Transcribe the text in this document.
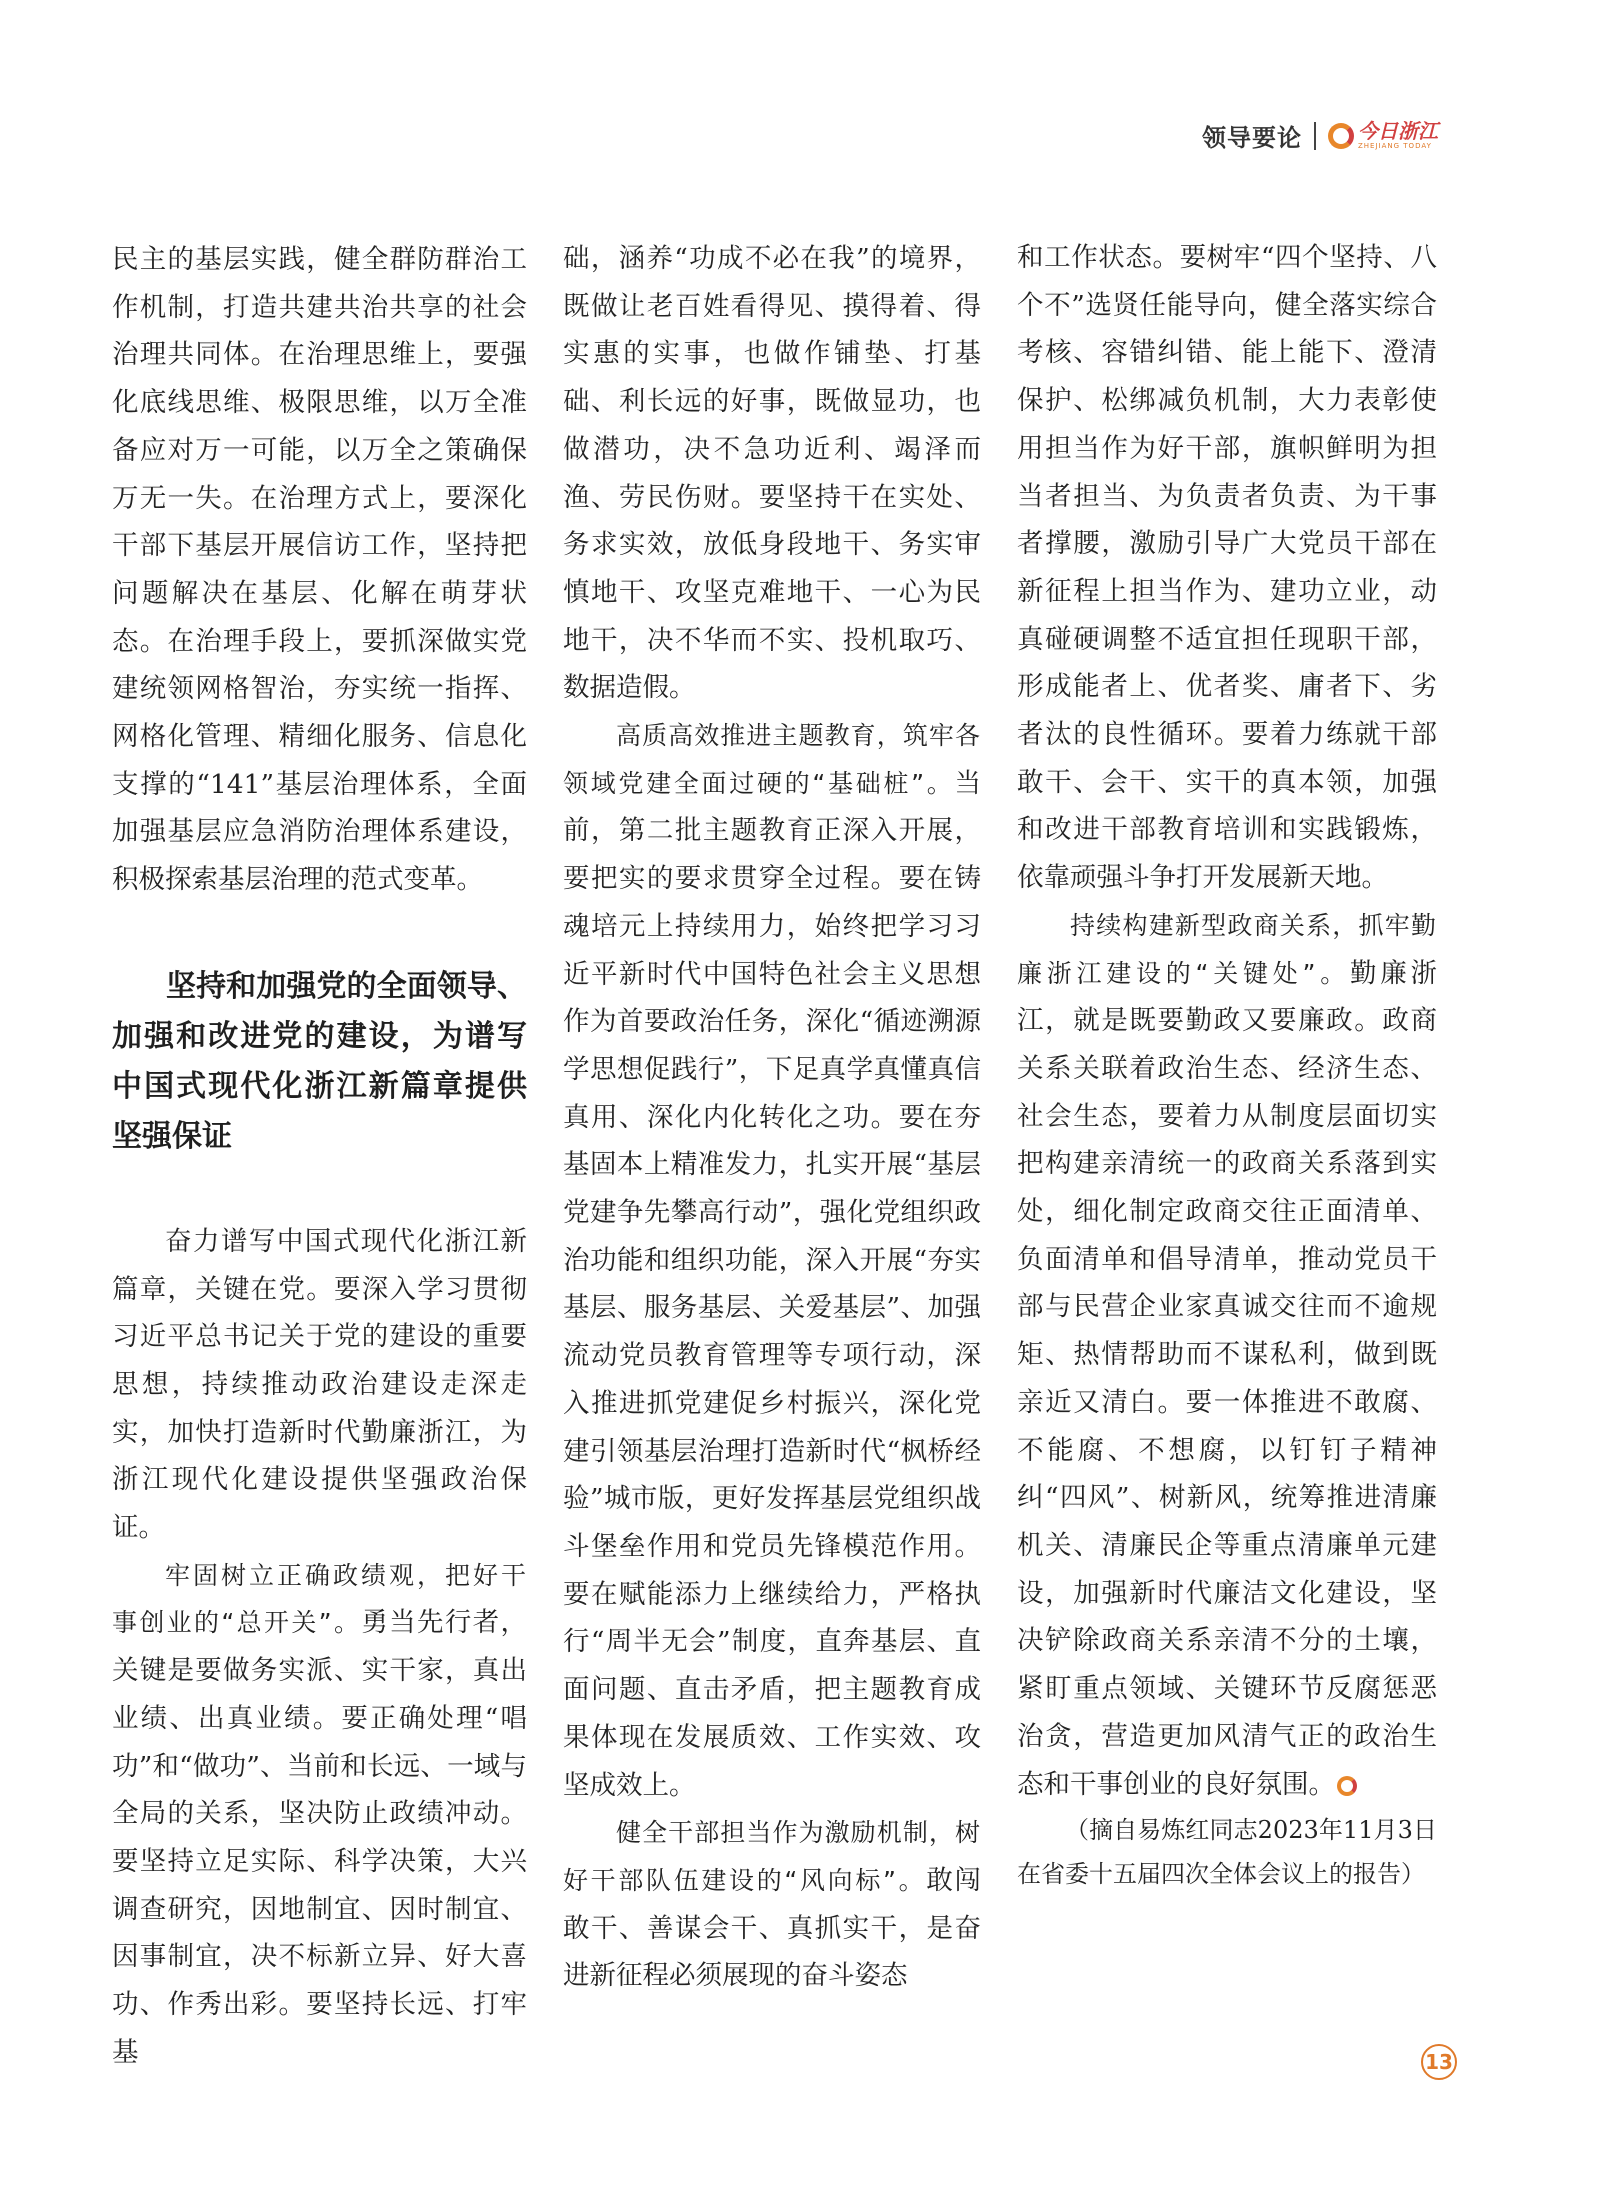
领导要论	今日浙江
ZHEJIANG TODAY

民主的基层实践，健全群防群治工作机制，打造共建共治共享的社会治理共同体。在治理思维上，要强化底线思维、极限思维，以万全准备应对万一可能，以万全之策确保万无一失。在治理方式上，要深化干部下基层开展信访工作，坚持把问题解决在基层、化解在萌芽状态。在治理手段上，要抓深做实党建统领网格智治，夯实统一指挥、网格化管理、精细化服务、信息化支撑的“141”基层治理体系，全面加强基层应急消防治理体系建设，积极探索基层治理的范式变革。

坚持和加强党的全面领导、加强和改进党的建设，为谱写中国式现代化浙江新篇章提供坚强保证

奋力谱写中国式现代化浙江新篇章，关键在党。要深入学习贯彻习近平总书记关于党的建设的重要思想，持续推动政治建设走深走实，加快打造新时代勤廉浙江，为浙江现代化建设提供坚强政治保证。

牢固树立正确政绩观，把好干事创业的“总开关”。勇当先行者，关键是要做务实派、实干家，真出业绩、出真业绩。要正确处理“唱功”和“做功”、当前和长远、一域与全局的关系，坚决防止政绩冲动。要坚持立足实际、科学决策，大兴调查研究，因地制宜、因时制宜、因事制宜，决不标新立异、好大喜功、作秀出彩。要坚持长远、打牢基

础，涵养“功成不必在我”的境界，既做让老百姓看得见、摸得着、得实惠的实事，也做作铺垫、打基础、利长远的好事，既做显功，也做潜功，决不急功近利、竭泽而渔、劳民伤财。要坚持干在实处、务求实效，放低身段地干、务实审慎地干、攻坚克难地干、一心为民地干，决不华而不实、投机取巧、数据造假。

高质高效推进主题教育，筑牢各领域党建全面过硬的“基础桩”。当前，第二批主题教育正深入开展，要把实的要求贯穿全过程。要在铸魂培元上持续用力，始终把学习习近平新时代中国特色社会主义思想作为首要政治任务，深化“循迹溯源学思想促践行”，下足真学真懂真信真用、深化内化转化之功。要在夯基固本上精准发力，扎实开展“基层党建争先攀高行动”，强化党组织政治功能和组织功能，深入开展“夯实基层、服务基层、关爱基层”、加强流动党员教育管理等专项行动，深入推进抓党建促乡村振兴，深化党建引领基层治理打造新时代“枫桥经验”城市版，更好发挥基层党组织战斗堡垒作用和党员先锋模范作用。要在赋能添力上继续给力，严格执行“周半无会”制度，直奔基层、直面问题、直击矛盾，把主题教育成果体现在发展质效、工作实效、攻坚成效上。

健全干部担当作为激励机制，树好干部队伍建设的“风向标”。敢闯敢干、善谋会干、真抓实干，是奋进新征程必须展现的奋斗姿态

和工作状态。要树牢“四个坚持、八个不”选贤任能导向，健全落实综合考核、容错纠错、能上能下、澄清保护、松绑减负机制，大力表彰使用担当作为好干部，旗帜鲜明为担当者担当、为负责者负责、为干事者撑腰，激励引导广大党员干部在新征程上担当作为、建功立业，动真碰硬调整不适宜担任现职干部，形成能者上、优者奖、庸者下、劣者汰的良性循环。要着力练就干部敢干、会干、实干的真本领，加强和改进干部教育培训和实践锻炼，依靠顽强斗争打开发展新天地。

持续构建新型政商关系，抓牢勤廉浙江建设的“关键处”。勤廉浙江，就是既要勤政又要廉政。政商关系关联着政治生态、经济生态、社会生态，要着力从制度层面切实把构建亲清统一的政商关系落到实处，细化制定政商交往正面清单、负面清单和倡导清单，推动党员干部与民营企业家真诚交往而不逾规矩、热情帮助而不谋私利，做到既亲近又清白。要一体推进不敢腐、不能腐、不想腐，以钉钉子精神纠“四风”、树新风，统筹推进清廉机关、清廉民企等重点清廉单元建设，加强新时代廉洁文化建设，坚决铲除政商关系亲清不分的土壤，紧盯重点领域、关键环节反腐惩恶治贪，营造更加风清气正的政治生态和干事创业的良好氛围。

（摘自易炼红同志2023年11月3日在省委十五届四次全体会议上的报告）

13
